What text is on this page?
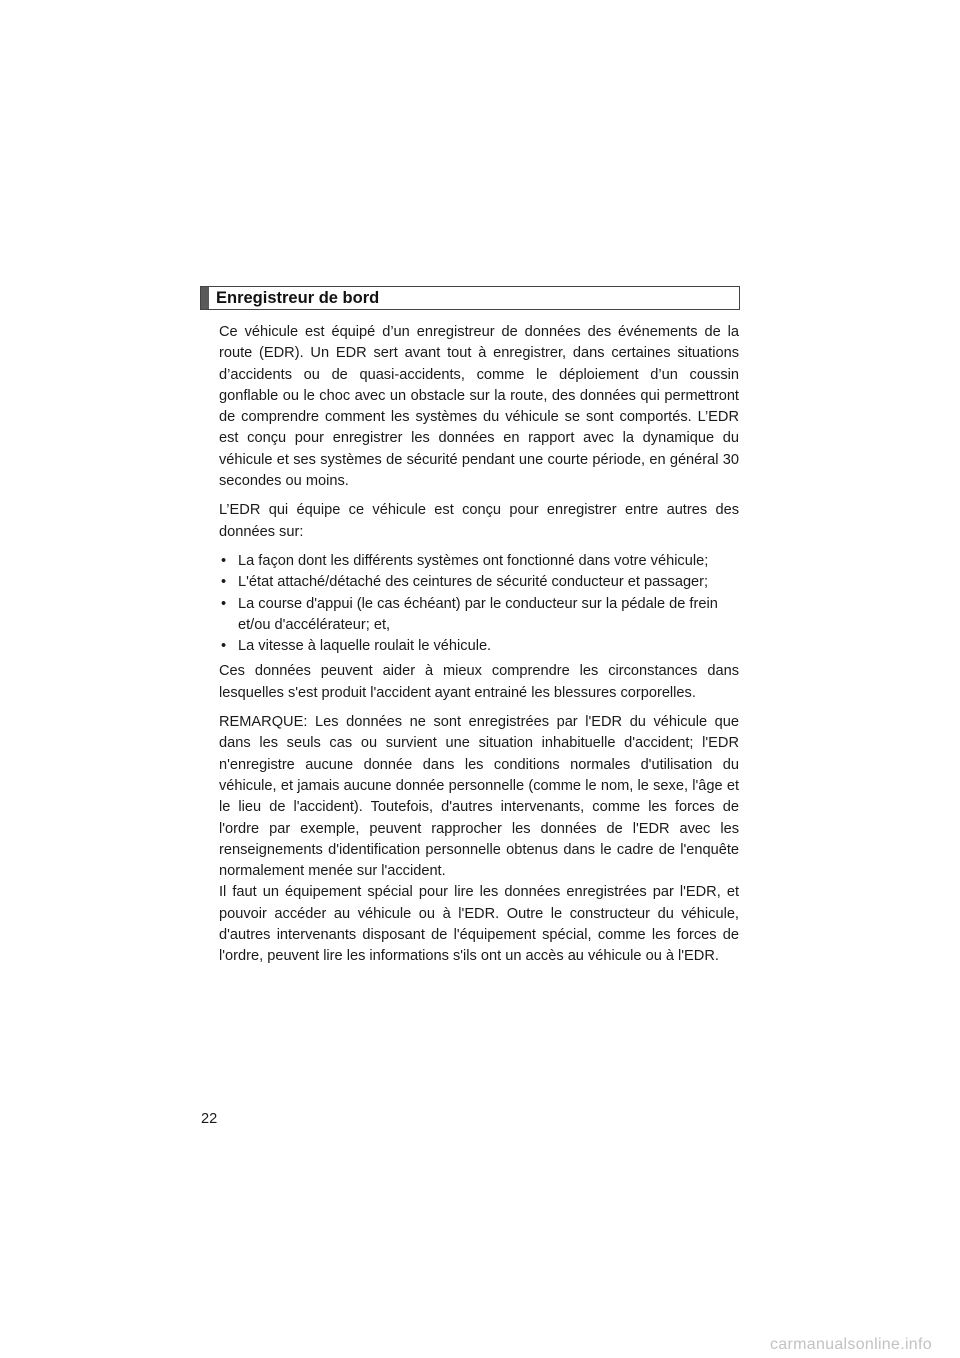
Enregistreur de bord

Ce véhicule est équipé d’un enregistreur de données des événements de la route (EDR). Un EDR sert avant tout à enregistrer, dans certaines situations d’accidents ou de quasi-accidents, comme le déploiement d’un coussin gonflable ou le choc avec un obstacle sur la route, des données qui permettront de comprendre comment les systèmes du véhicule se sont comportés. L’EDR est conçu pour enregistrer les données en rapport avec la dynamique du véhicule et ses systèmes de sécurité pendant une courte période, en général 30 secondes ou moins.

L’EDR qui équipe ce véhicule est conçu pour enregistrer entre autres des données sur:

• La façon dont les différents systèmes ont fonctionné dans votre véhicule;
• L'état attaché/détaché des ceintures de sécurité conducteur et passager;
• La course d'appui (le cas échéant) par le conducteur sur la pédale de frein et/ou d'accélérateur; et,
• La vitesse à laquelle roulait le véhicule.

Ces données peuvent aider à mieux comprendre les circonstances dans lesquelles s'est produit l'accident ayant entrainé les blessures corporelles.

REMARQUE: Les données ne sont enregistrées par l'EDR du véhicule que dans les seuls cas ou survient une situation inhabituelle d'accident; l'EDR n'enregistre aucune donnée dans les conditions normales d'utilisation du véhicule, et jamais aucune donnée personnelle (comme le nom, le sexe, l'âge et le lieu de l'accident). Toutefois, d'autres intervenants, comme les forces de l'ordre par exemple, peuvent rapprocher les données de l'EDR avec les renseignements d'identification personnelle obtenus dans le cadre de l'enquête normalement menée sur l'accident.

Il faut un équipement spécial pour lire les données enregistrées par l'EDR, et pouvoir accéder au véhicule ou à l'EDR. Outre le constructeur du véhicule, d'autres intervenants disposant de l'équipement spécial, comme les forces de l'ordre, peuvent lire les informations s'ils ont un accès au véhicule ou à l'EDR.

22
carmanualsonline.info
